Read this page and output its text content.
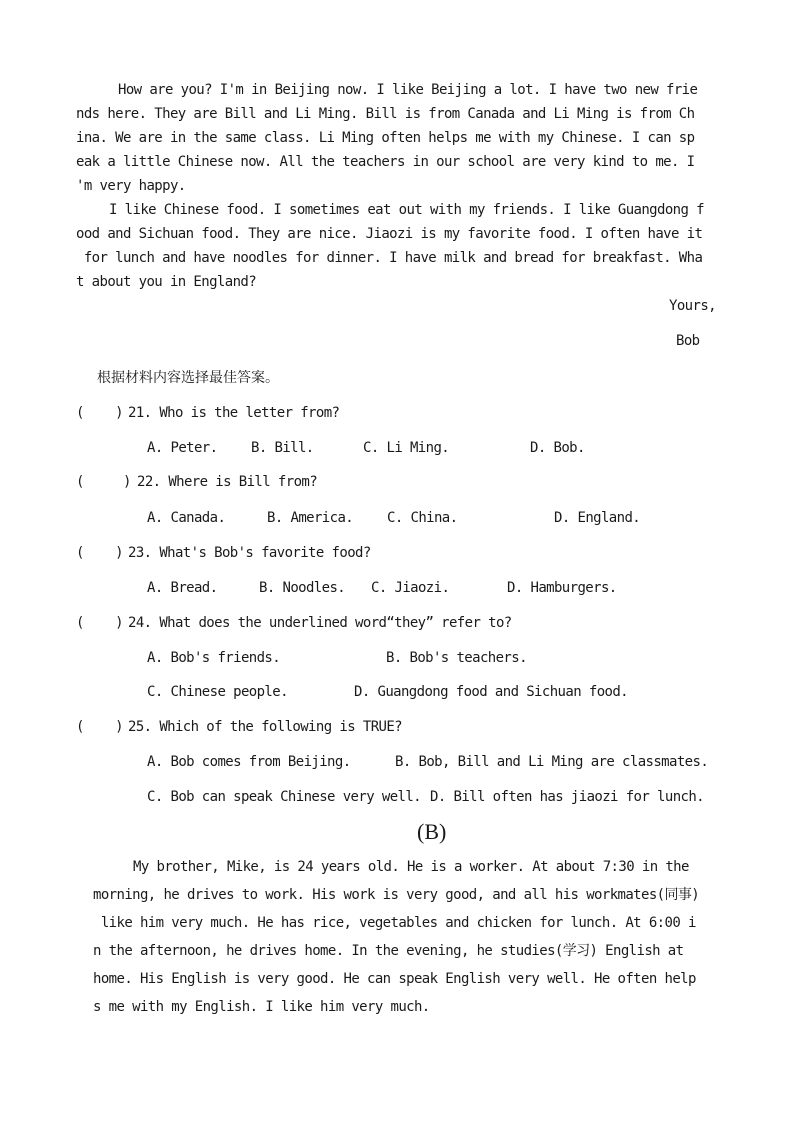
How are you? I'm in Beijing now. I like Beijing a lot. I have two new frie
nds here. They are Bill and Li Ming. Bill is from Canada and Li Ming is from Ch
ina. We are in the same class. Li Ming often helps me with my Chinese. I can sp
eak a little Chinese now. All the teachers in our school are very kind to me. I
'm very happy.
I like Chinese food. I sometimes eat out with my friends. I like Guangdong f
ood and Sichuan food. They are nice. Jiaozi is my favorite food. I often have it
for lunch and have noodles for dinner. I have milk and bread for breakfast. Wha
t about you in England?
Yours,
Bob
根据材料内容选择最佳答案。
(    ) 21. Who is the letter from?
A. Peter. B. Bill.	C. Li Ming.	D. Bob.
(     ) 22. Where is Bill from?
A. Canada.	B. America. C. China.	D. England.
(    ) 23. What's Bob's favorite food?
A. Bread.	B. Noodles. C. Jiaozi.	D. Hamburgers.
(    ) 24. What does the underlined word“they” refer to?
A. Bob's friends.	B. Bob's teachers.
C. Chinese people.	D. Guangdong food and Sichuan food.
(    ) 25. Which of the following is TRUE?
A. Bob comes from Beijing.	B. Bob, Bill and Li Ming are classmates.
C. Bob can speak Chinese very well. D. Bill often has jiaozi for lunch.
(B)
My brother, Mike, is 24 years old. He is a worker. At about 7:30 in the
morning, he drives to work. His work is very good, and all his workmates(同事)
like him very much. He has rice, vegetables and chicken for lunch. At 6:00 i
n the afternoon, he drives home. In the evening, he studies(学习) English at
home. His English is very good. He can speak English very well. He often help
s me with my English. I like him very much.
